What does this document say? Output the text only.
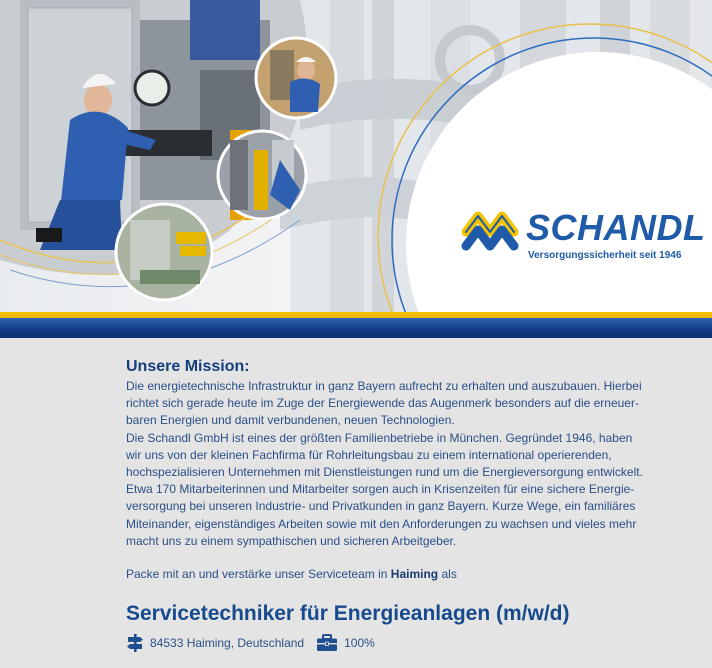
SCHANDL
Versorgungssicherheit seit 1946
Unsere Mission:
Die energietechnische Infrastruktur in ganz Bayern aufrecht zu erhalten und auszubauen. Hierbei
richtet sich gerade heute im Zuge der Energiewende das Augenmerk besonders auf die erneuer-
baren Energien und damit verbundenen, neuen Technologien.
Die Schandl GmbH ist eines der größten Familienbetriebe in München. Gegründet 1946, haben
wir uns von der kleinen Fachfirma für Rohrleitungsbau zu einem international operierenden,
hochspezialisieren Unternehmen mit Dienstleistungen rund um die Energieversorgung entwickelt.
Etwa 170 Mitarbeiterinnen und Mitarbeiter sorgen auch in Krisenzeiten für eine sichere Energie-
versorgung bei unseren Industrie- und Privatkunden in ganz Bayern. Kurze Wege, ein familiäres
Miteinander, eigenständiges Arbeiten sowie mit den Anforderungen zu wachsen und vieles mehr
macht uns zu einem sympathischen und sicheren Arbeitgeber.
Packe mit an und verstärke unser Serviceteam in Haiming als
Servicetechniker für Energieanlagen (m/w/d)
84533 Haiming, Deutschland	100%
